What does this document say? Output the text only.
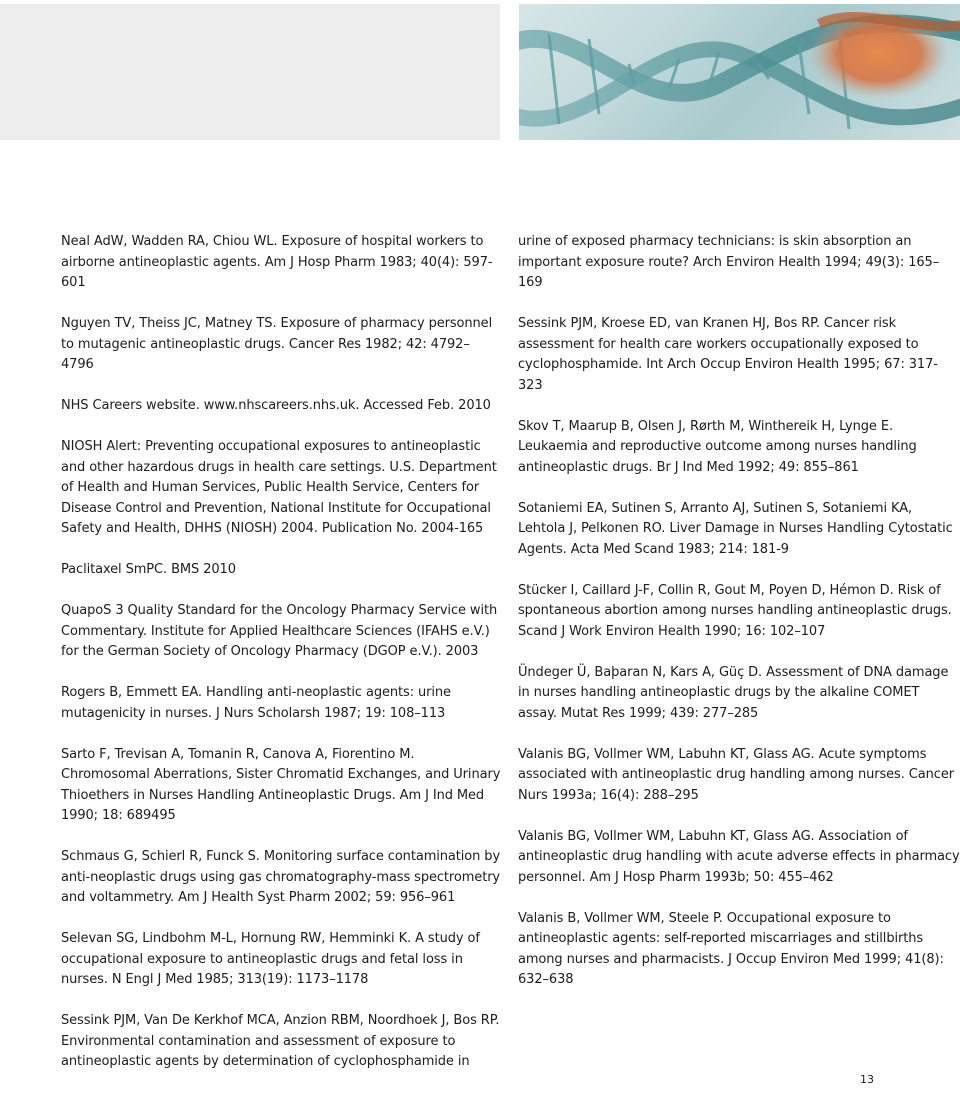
Neal AdW, Wadden RA, Chiou WL. Exposure of hospital workers to airborne antineoplastic agents. Am J Hosp Pharm 1983; 40(4): 597-601

Nguyen TV, Theiss JC, Matney TS. Exposure of pharmacy personnel to mutagenic antineoplastic drugs. Cancer Res 1982; 42: 4792–4796

NHS Careers website. www.nhscareers.nhs.uk. Accessed Feb. 2010

NIOSH Alert: Preventing occupational exposures to antineoplastic and other hazardous drugs in health care settings. U.S. Department of Health and Human Services, Public Health Service, Centers for Disease Control and Prevention, National Institute for Occupational Safety and Health, DHHS (NIOSH) 2004. Publication No. 2004-165

Paclitaxel SmPC. BMS 2010

QuapoS 3 Quality Standard for the Oncology Pharmacy Service with Commentary. Institute for Applied Healthcare Sciences (IFAHS e.V.) for the German Society of Oncology Pharmacy (DGOP e.V.). 2003

Rogers B, Emmett EA. Handling anti-neoplastic agents: urine mutagenicity in nurses. J Nurs Scholarsh 1987; 19: 108–113

Sarto F, Trevisan A, Tomanin R, Canova A, Fiorentino M. Chromosomal Aberrations, Sister Chromatid Exchanges, and Urinary Thioethers in Nurses Handling Antineoplastic Drugs. Am J Ind Med 1990; 18: 689495

Schmaus G, Schierl R, Funck S. Monitoring surface contamination by anti-neoplastic drugs using gas chromatography-mass spectrometry and voltammetry. Am J Health Syst Pharm 2002; 59: 956–961

Selevan SG, Lindbohm M-L, Hornung RW, Hemminki K. A study of occupational exposure to antineoplastic drugs and fetal loss in nurses. N Engl J Med 1985; 313(19): 1173–1178

Sessink PJM, Van De Kerkhof MCA, Anzion RBM, Noordhoek J, Bos RP. Environmental contamination and assessment of exposure to antineoplastic agents by determination of cyclophosphamide in

urine of exposed pharmacy technicians: is skin absorption an important exposure route? Arch Environ Health 1994; 49(3): 165–169

Sessink PJM, Kroese ED, van Kranen HJ, Bos RP. Cancer risk assessment for health care workers occupationally exposed to cyclophosphamide. Int Arch Occup Environ Health 1995; 67: 317-323

Skov T, Maarup B, Olsen J, Rørth M, Winthereik H, Lynge E. Leukaemia and reproductive outcome among nurses handling antineoplastic drugs. Br J Ind Med 1992; 49: 855–861

Sotaniemi EA, Sutinen S, Arranto AJ, Sutinen S, Sotaniemi KA, Lehtola J, Pelkonen RO. Liver Damage in Nurses Handling Cytostatic Agents. Acta Med Scand 1983; 214: 181-9

Stücker I, Caillard J-F, Collin R, Gout M, Poyen D, Hémon D. Risk of spontaneous abortion among nurses handling antineoplastic drugs. Scand J Work Environ Health 1990; 16: 102–107

Ündeger Ü, Baþaran N, Kars A, Güç D. Assessment of DNA damage in nurses handling antineoplastic drugs by the alkaline COMET assay. Mutat Res 1999; 439: 277–285

Valanis BG, Vollmer WM, Labuhn KT, Glass AG. Acute symptoms associated with antineoplastic drug handling among nurses. Cancer Nurs 1993a; 16(4): 288–295

Valanis BG, Vollmer WM, Labuhn KT, Glass AG. Association of antineoplastic drug handling with acute adverse effects in pharmacy personnel. Am J Hosp Pharm 1993b; 50: 455–462

Valanis B, Vollmer WM, Steele P. Occupational exposure to antineoplastic agents: self-reported miscarriages and stillbirths among nurses and pharmacists. J Occup Environ Med 1999; 41(8): 632–638

13
